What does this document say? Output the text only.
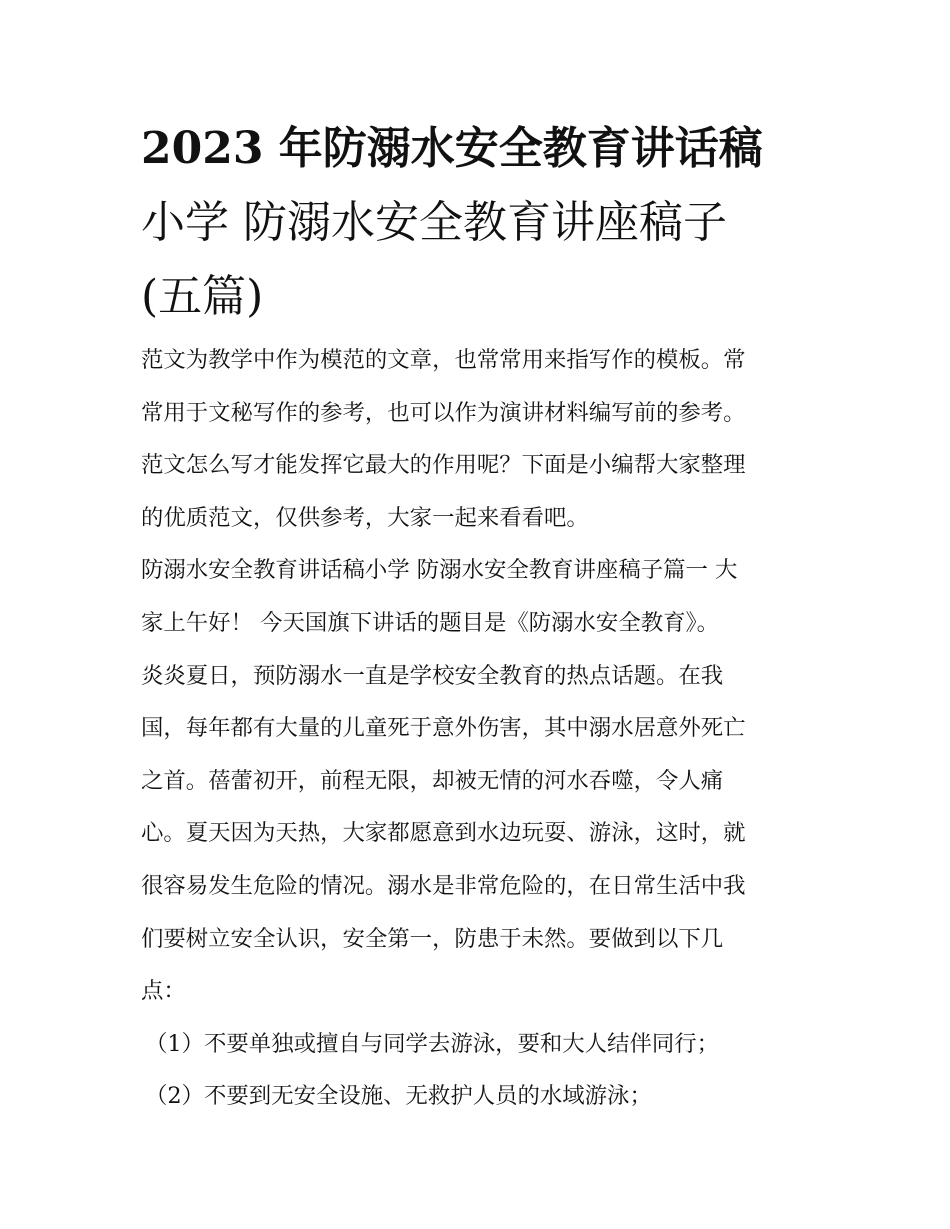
2023 年防溺水安全教育讲话稿
小学 防溺水安全教育讲座稿子
(五篇)
范文为教学中作为模范的文章，也常常用来指写作的模板。常
常用于文秘写作的参考，也可以作为演讲材料编写前的参考。
范文怎么写才能发挥它最大的作用呢？下面是小编帮大家整理
的优质范文，仅供参考，大家一起来看看吧。
防溺水安全教育讲话稿小学 防溺水安全教育讲座稿子篇一 大
家上午好！ 今天国旗下讲话的题目是《防溺水安全教育》。
炎炎夏日，预防溺水一直是学校安全教育的热点话题。在我
国，每年都有大量的儿童死于意外伤害，其中溺水居意外死亡
之首。蓓蕾初开，前程无限，却被无情的河水吞噬，令人痛
心。夏天因为天热，大家都愿意到水边玩耍、游泳，这时，就
很容易发生危险的情况。溺水是非常危险的，在日常生活中我
们要树立安全认识，安全第一，防患于未然。要做到以下几
点：
（1）不要单独或擅自与同学去游泳，要和大人结伴同行；
（2）不要到无安全设施、无救护人员的水域游泳；
